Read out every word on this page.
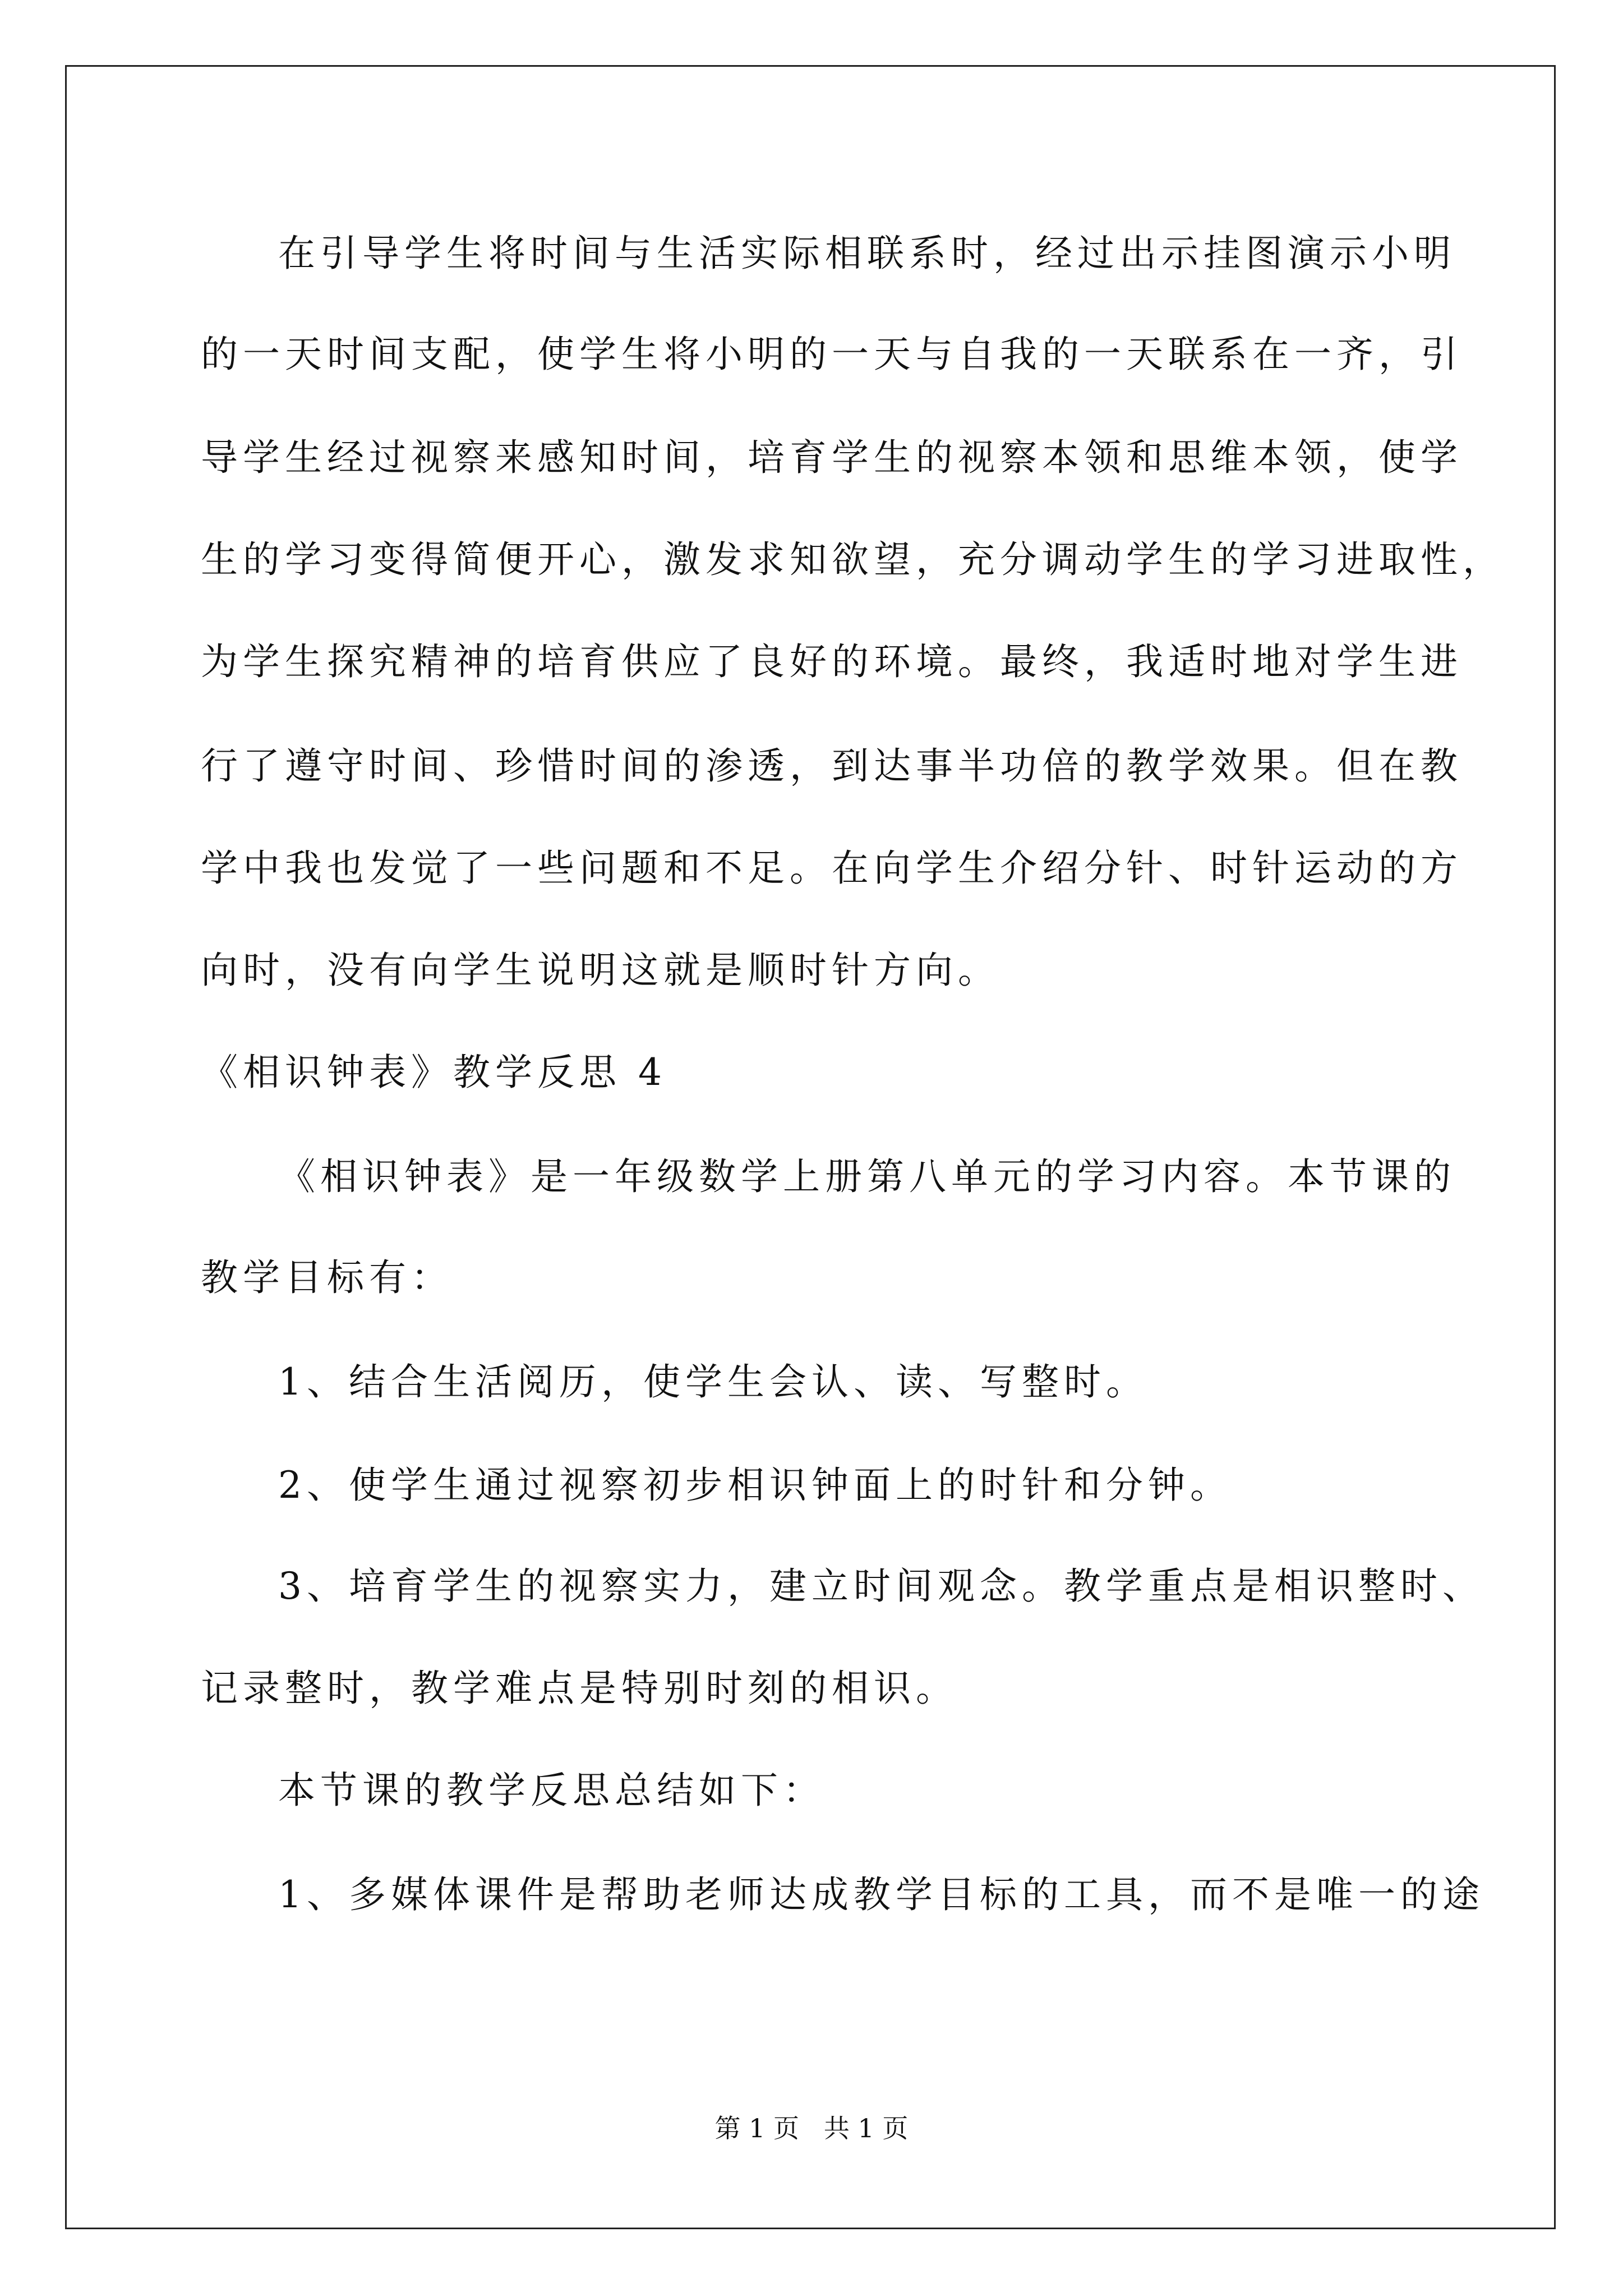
在引导学生将时间与生活实际相联系时，经过出示挂图演示小明
的一天时间支配，使学生将小明的一天与自我的一天联系在一齐，引
导学生经过视察来感知时间，培育学生的视察本领和思维本领，使学
生的学习变得简便开心，激发求知欲望，充分调动学生的学习进取性，
为学生探究精神的培育供应了良好的环境。最终，我适时地对学生进
行了遵守时间、珍惜时间的渗透，到达事半功倍的教学效果。但在教
学中我也发觉了一些问题和不足。在向学生介绍分针、时针运动的方
向时，没有向学生说明这就是顺时针方向。
《相识钟表》教学反思 4
《相识钟表》是一年级数学上册第八单元的学习内容。本节课的
教学目标有：
1、结合生活阅历，使学生会认、读、写整时。
2、使学生通过视察初步相识钟面上的时针和分钟。
3、培育学生的视察实力，建立时间观念。教学重点是相识整时、
记录整时，教学难点是特别时刻的相识。
本节课的教学反思总结如下：
1、多媒体课件是帮助老师达成教学目标的工具，而不是唯一的途
第 1 页   共 1 页
